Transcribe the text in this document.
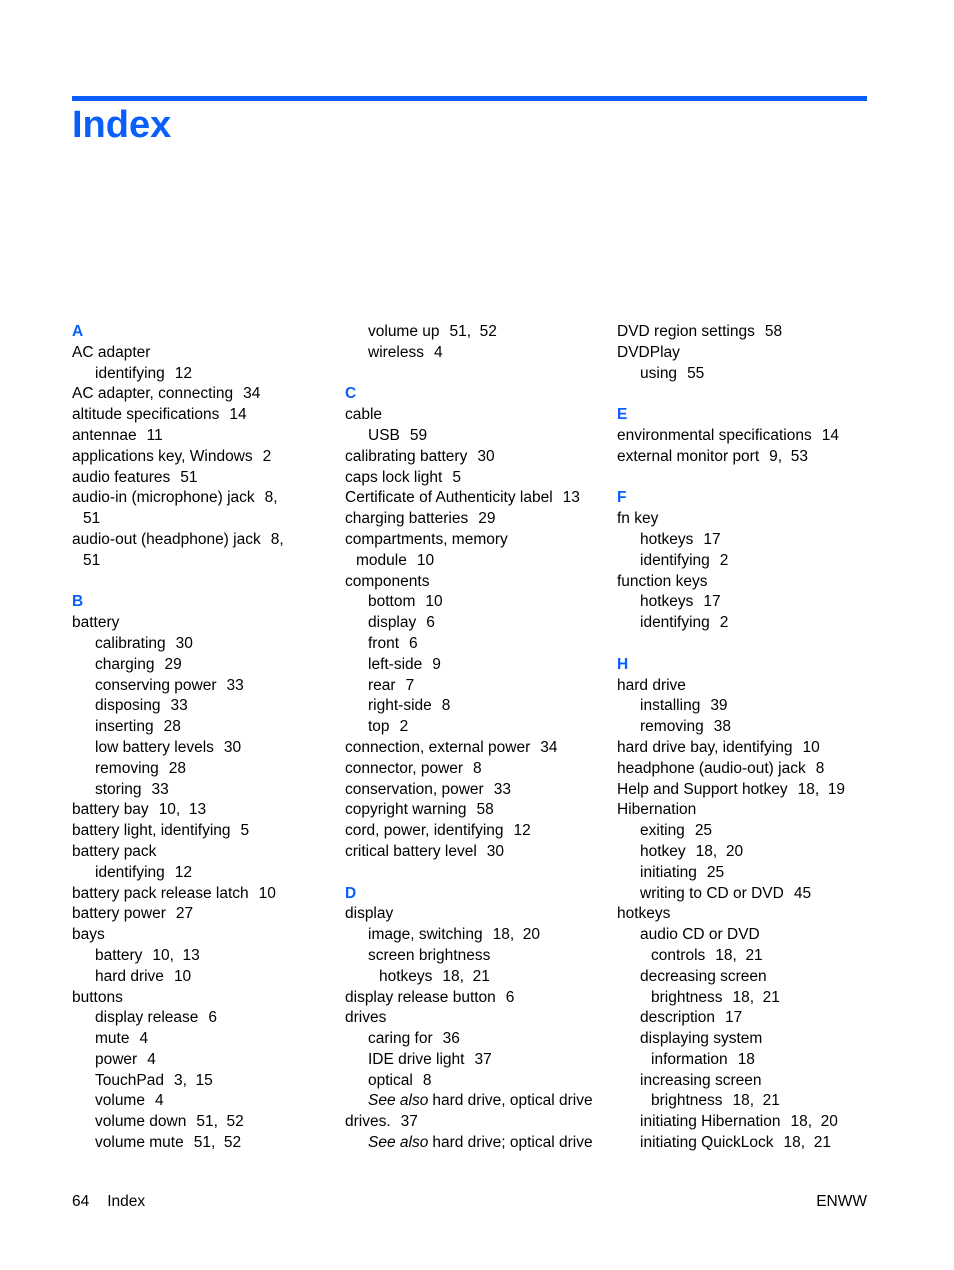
Index
A
AC adapter
identifying 12
AC adapter, connecting 34
altitude specifications 14
antennae 11
applications key, Windows 2
audio features 51
audio-in (microphone) jack 8,
51
audio-out (headphone) jack 8,
51
B
battery
calibrating 30
charging 29
conserving power 33
disposing 33
inserting 28
low battery levels 30
removing 28
storing 33
battery bay 10,  13
battery light, identifying 5
battery pack
identifying 12
battery pack release latch 10
battery power 27
bays
battery 10,  13
hard drive 10
buttons
display release 6
mute 4
power 4
TouchPad 3,  15
volume 4
volume down 51,  52
volume mute 51,  52
volume up 51,  52
wireless 4
C
cable
USB 59
calibrating battery 30
caps lock light 5
Certificate of Authenticity label 13
charging batteries 29
compartments, memory
module 10
components
bottom 10
display 6
front 6
left-side 9
rear 7
right-side 8
top 2
connection, external power 34
connector, power 8
conservation, power 33
copyright warning 58
cord, power, identifying 12
critical battery level 30
D
display
image, switching 18,  20
screen brightness
hotkeys 18,  21
display release button 6
drives
caring for 36
IDE drive light 37
optical 8
See also hard drive, optical drive
drives. 37
See also hard drive; optical drive
DVD region settings 58
DVDPlay
using 55
E
environmental specifications 14
external monitor port 9,  53
F
fn key
hotkeys 17
identifying 2
function keys
hotkeys 17
identifying 2
H
hard drive
installing 39
removing 38
hard drive bay, identifying 10
headphone (audio-out) jack 8
Help and Support hotkey 18,  19
Hibernation
exiting 25
hotkey 18,  20
initiating 25
writing to CD or DVD 45
hotkeys
audio CD or DVD
controls 18,  21
decreasing screen
brightness 18,  21
description 17
displaying system
information 18
increasing screen
brightness 18,  21
initiating Hibernation 18,  20
initiating QuickLock 18,  21
64 Index	ENWW
